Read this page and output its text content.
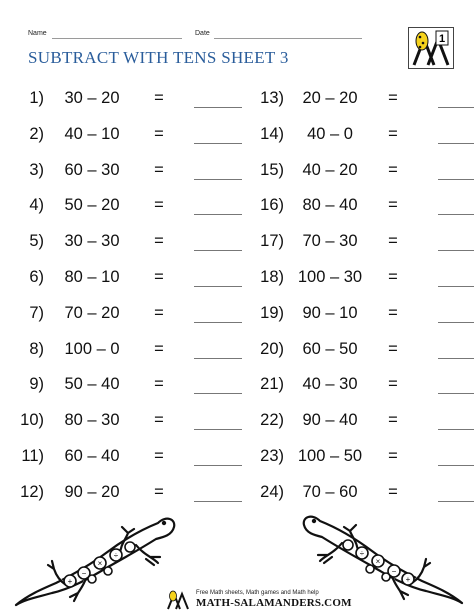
Name	Date
SUBTRACT WITH TENS SHEET 3
1
+
−
×
÷
+
−
×
÷
Free Math sheets, Math games and Math help
MATH-SALAMANDERS.COM
1)	30 – 20	=
2)	40 – 10	=
3)	60 – 30	=
4)	50 – 20	=
5)	30 – 30	=
6)	80 – 10	=
7)	70 – 20	=
8)	100 – 0	=
9)	50 – 40	=
10)	80 – 30	=
11)	60 – 40	=
12)	90 – 20	=
13)	20 – 20	=
14)	40 – 0	=
15)	40 – 20	=
16)	80 – 40	=
17)	70 – 30	=
18) 100 – 30	=
19)	90 – 10	=
20)	60 – 50	=
21)	40 – 30	=
22)	90 – 40	=
23) 100 – 50	=
24)	70 – 60	=
